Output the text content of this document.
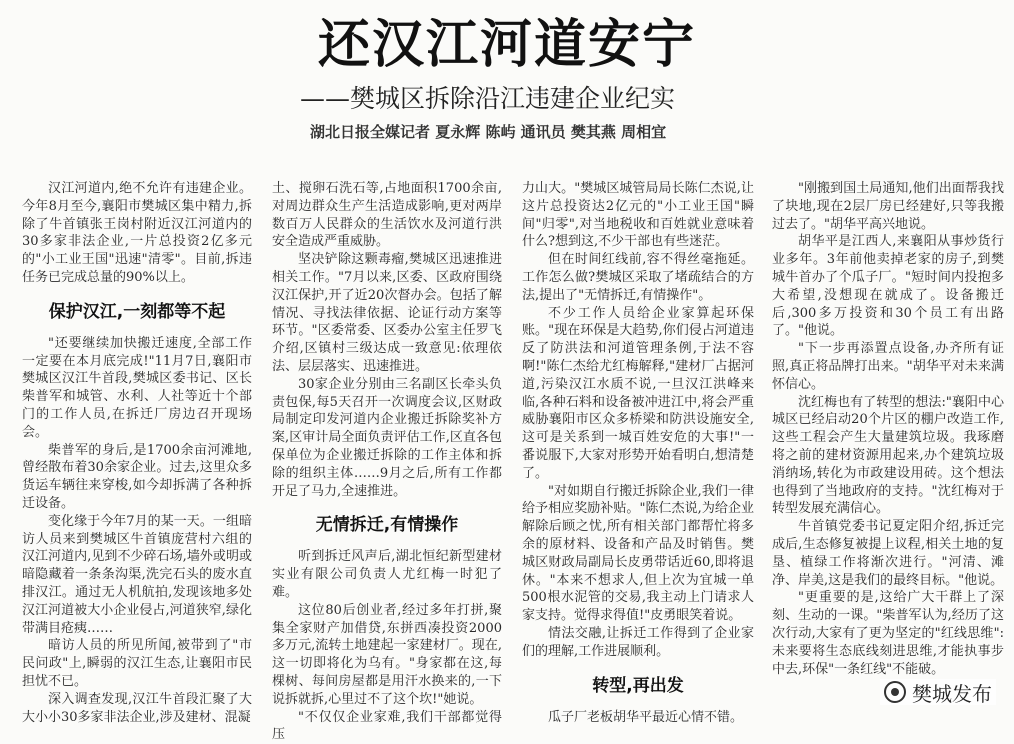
还汉江河道安宁
——樊城区拆除沿江违建企业纪实
湖北日报全媒记者 夏永辉 陈屿 通讯员 樊其燕 周相宜

汉江河道内,绝不允许有违建企业。今年8月至今,襄阳市樊城区集中精力,拆除了牛首镇张王岗村附近汉江河道内的30多家非法企业,一片总投资2亿多元的"小工业王国"迅速"清零"。目前,拆违任务已完成总量的90%以上。

保护汉江,一刻都等不起

"还要继续加快搬迁速度,全部工作一定要在本月底完成!"11月7日,襄阳市樊城区汉江牛首段,樊城区委书记、区长柴普军和城管、水利、人社等近十个部门的工作人员,在拆迁厂房边召开现场会。

柴普军的身后,是1700余亩河滩地,曾经散布着30余家企业。过去,这里众多货运车辆往来穿梭,如今却拆满了各种拆迁设备。

变化缘于今年7月的某一天。一组暗访人员来到樊城区牛首镇庞营村六组的汉江河道内,见到不少碎石场,墙外或明或暗隐藏着一条条沟渠,洗完石头的废水直排汉江。通过无人机航拍,发现该地多处汉江河道被大小企业侵占,河道狭窄,绿化带满目疮痍……

暗访人员的所见所闻,被带到了"市民问政"上,瞬弱的汉江生态,让襄阳市民担忧不已。

深入调查发现,汉江牛首段汇聚了大大小小30多家非法企业,涉及建材、混凝

土、搅卵石洗石等,占地面积1700余亩,对周边群众生产生活造成影响,更对两岸数百万人民群众的生活饮水及河道行洪安全造成严重威胁。

坚决铲除这颗毒瘤,樊城区迅速推进相关工作。"7月以来,区委、区政府围绕汉江保护,开了近20次督办会。包括了解情况、寻找法律依据、论证行动方案等环节。"区委常委、区委办公室主任罗飞介绍,区镇村三级达成一致意见:依理依法、层层落实、迅速推进。

30家企业分别由三名副区长牵头负责包保,每5天召开一次调度会议,区财政局制定印发河道内企业搬迁拆除奖补方案,区审计局全面负责评估工作,区直各包保单位为企业搬迁拆除的工作主体和拆除的组织主体……9月之后,所有工作都开足了马力,全速推进。

无情拆迁,有情操作

听到拆迁风声后,湖北恒纪新型建材实业有限公司负责人尤红梅一时犯了难。

这位80后创业者,经过多年打拼,聚集全家财产加借贷,东拼西凑投资2000多万元,流转土地建起一家建材厂。现在,这一切即将化为乌有。"身家都在这,每棵树、每间房屋都是用汗水换来的,一下说拆就拆,心里过不了这个坎!"她说。

"不仅仅企业家难,我们干部都觉得压

力山大。"樊城区城管局局长陈仁杰说,让这片总投资达2亿元的"小工业王国"瞬间"归零",对当地税收和百姓就业意味着什么?想到这,不少干部也有些迷茫。

但在时间红线前,容不得丝毫拖延。工作怎么做?樊城区采取了堵疏结合的方法,提出了"无情拆迁,有情操作"。

不少工作人员给企业家算起环保账。"现在环保是大趋势,你们侵占河道违反了防洪法和河道管理条例,于法不容啊!"陈仁杰给尤红梅解释,"建材厂占据河道,污染汉江水质不说,一旦汉江洪峰来临,各种石料和设备被冲进江中,将会严重威胁襄阳市区众多桥梁和防洪设施安全,这可是关系到一城百姓安危的大事!"一番说服下,大家对形势开始看明白,想清楚了。

"对如期自行搬迁拆除企业,我们一律给予相应奖励补贴。"陈仁杰说,为给企业解除后顾之忧,所有相关部门都帮忙将多余的原材料、设备和产品及时销售。樊城区财政局副局长皮勇带话近60,即将退休。"本来不想求人,但上次为宜城一单500根水泥管的交易,我主动上门请求人家支持。觉得求得值!"皮勇眼笑着说。

情法交融,让拆迁工作得到了企业家们的理解,工作进展顺利。

转型,再出发

瓜子厂老板胡华平最近心情不错。

"刚搬到国土局通知,他们出面帮我找了块地,现在2层厂房已经建好,只等我搬过去了。"胡华平高兴地说。

胡华平是江西人,来襄阳从事炒货行业多年。3年前他卖掉老家的房子,到樊城牛首办了个瓜子厂。"短时间内投抱多大希望,没想现在就成了。设备搬迁后,300多万投资和30个员工有出路了。"他说。

"下一步再添置点设备,办齐所有证照,真正将品牌打出来。"胡华平对未来满怀信心。

沈红梅也有了转型的想法:"襄阳中心城区已经启动20个片区的棚户改造工作,这些工程会产生大量建筑垃圾。我琢磨将之前的建材资源用起来,办个建筑垃圾消纳场,转化为市政建设用砖。这个想法也得到了当地政府的支持。"沈红梅对于转型发展充满信心。

牛首镇党委书记夏定阳介绍,拆迁完成后,生态修复被提上议程,相关土地的复垦、植绿工作将渐次进行。"河清、滩净、岸美,这是我们的最终目标。"他说。

"更重要的是,这给广大干群上了深刻、生动的一课。"柴普军认为,经历了这次行动,大家有了更为坚定的"红线思维":未来要将生态底线刻进思维,才能执事步中去,环保"一条红线"不能破。

樊城发布
